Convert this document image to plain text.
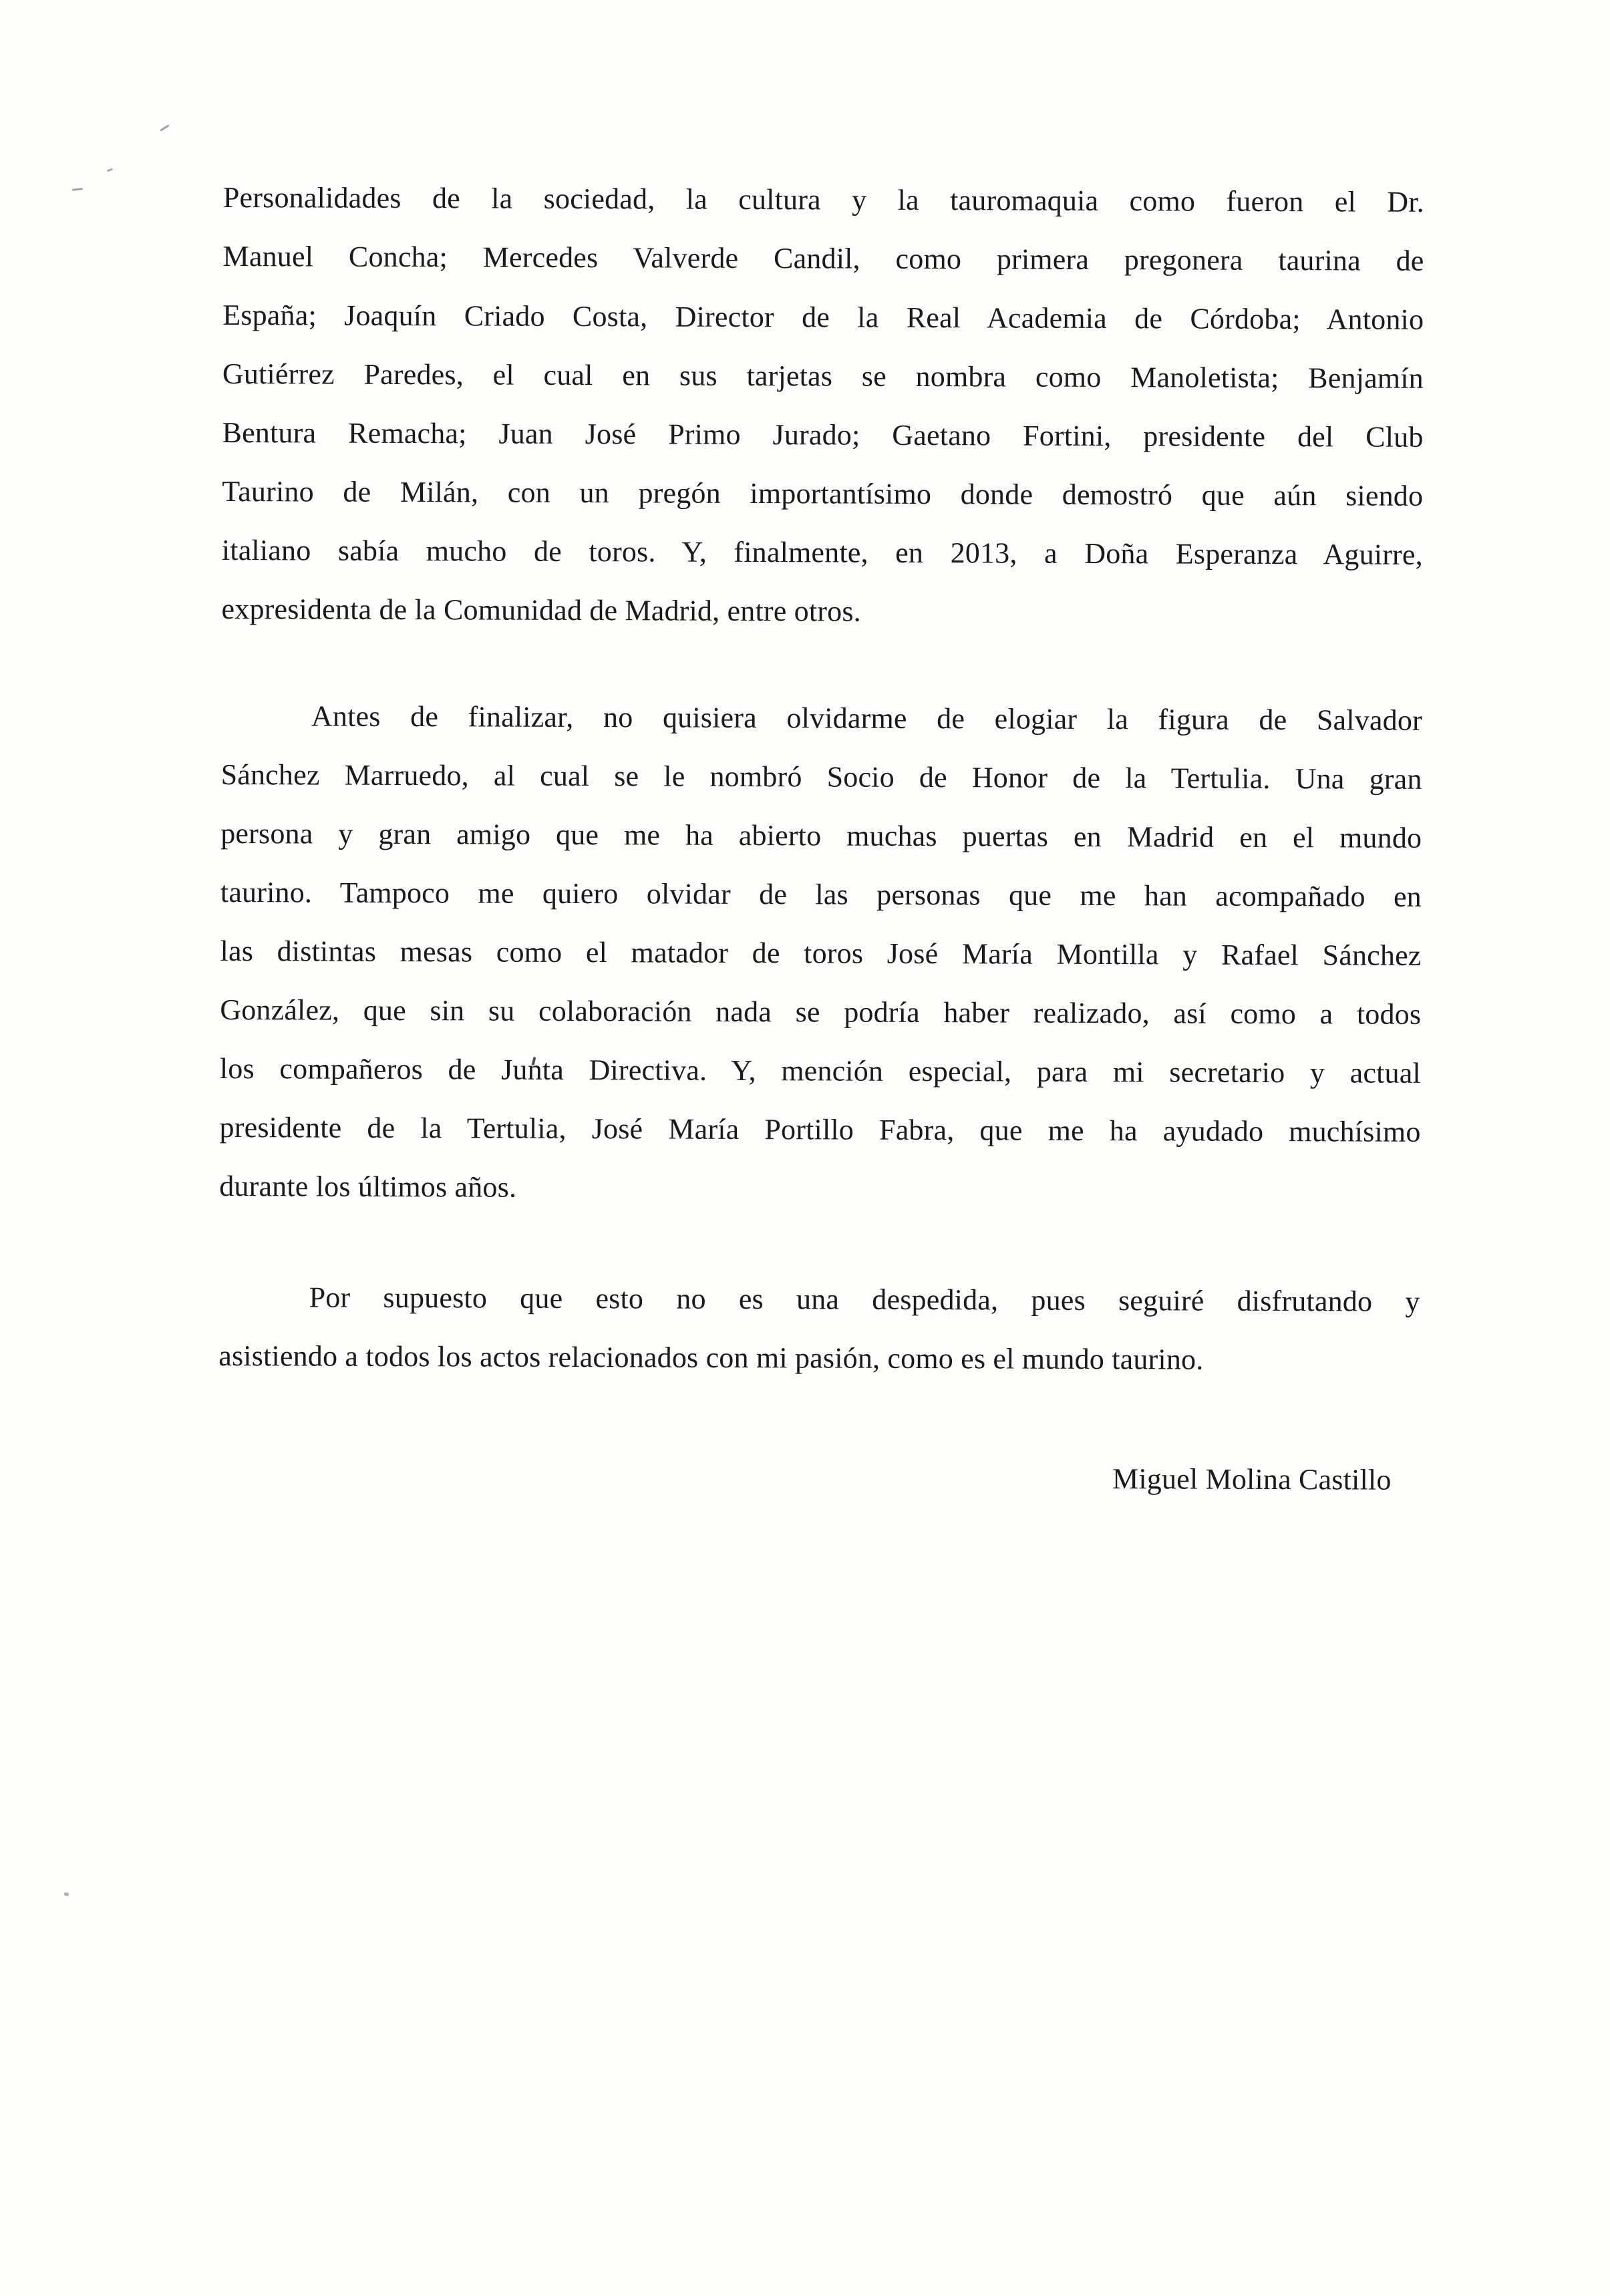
Personalidades de la sociedad, la cultura y la tauromaquia como fueron el Dr.
Manuel Concha; Mercedes Valverde Candil, como primera pregonera taurina de
España; Joaquín Criado Costa, Director de la Real Academia de Córdoba; Antonio
Gutiérrez Paredes, el cual en sus tarjetas se nombra como Manoletista; Benjamín
Bentura Remacha; Juan José Primo Jurado; Gaetano Fortini, presidente del Club
Taurino de Milán, con un pregón importantísimo donde demostró que aún siendo
italiano sabía mucho de toros. Y, finalmente, en 2013, a Doña Esperanza Aguirre,
expresidenta de la Comunidad de Madrid, entre otros.
Antes de finalizar, no quisiera olvidarme de elogiar la figura de Salvador
Sánchez Marruedo, al cual se le nombró Socio de Honor de la Tertulia. Una gran
persona y gran amigo que me ha abierto muchas puertas en Madrid en el mundo
taurino. Tampoco me quiero olvidar de las personas que me han acompañado en
las distintas mesas como el matador de toros José María Montilla y Rafael Sánchez
González, que sin su colaboración nada se podría haber realizado, así como a todos
los compañeros de Junta Directiva. Y, mención especial, para mi secretario y actual
presidente de la Tertulia, José María Portillo Fabra, que me ha ayudado muchísimo
durante los últimos años.
Por supuesto que esto no es una despedida, pues seguiré disfrutando y
asistiendo a todos los actos relacionados con mi pasión, como es el mundo taurino.
Miguel Molina Castillo
